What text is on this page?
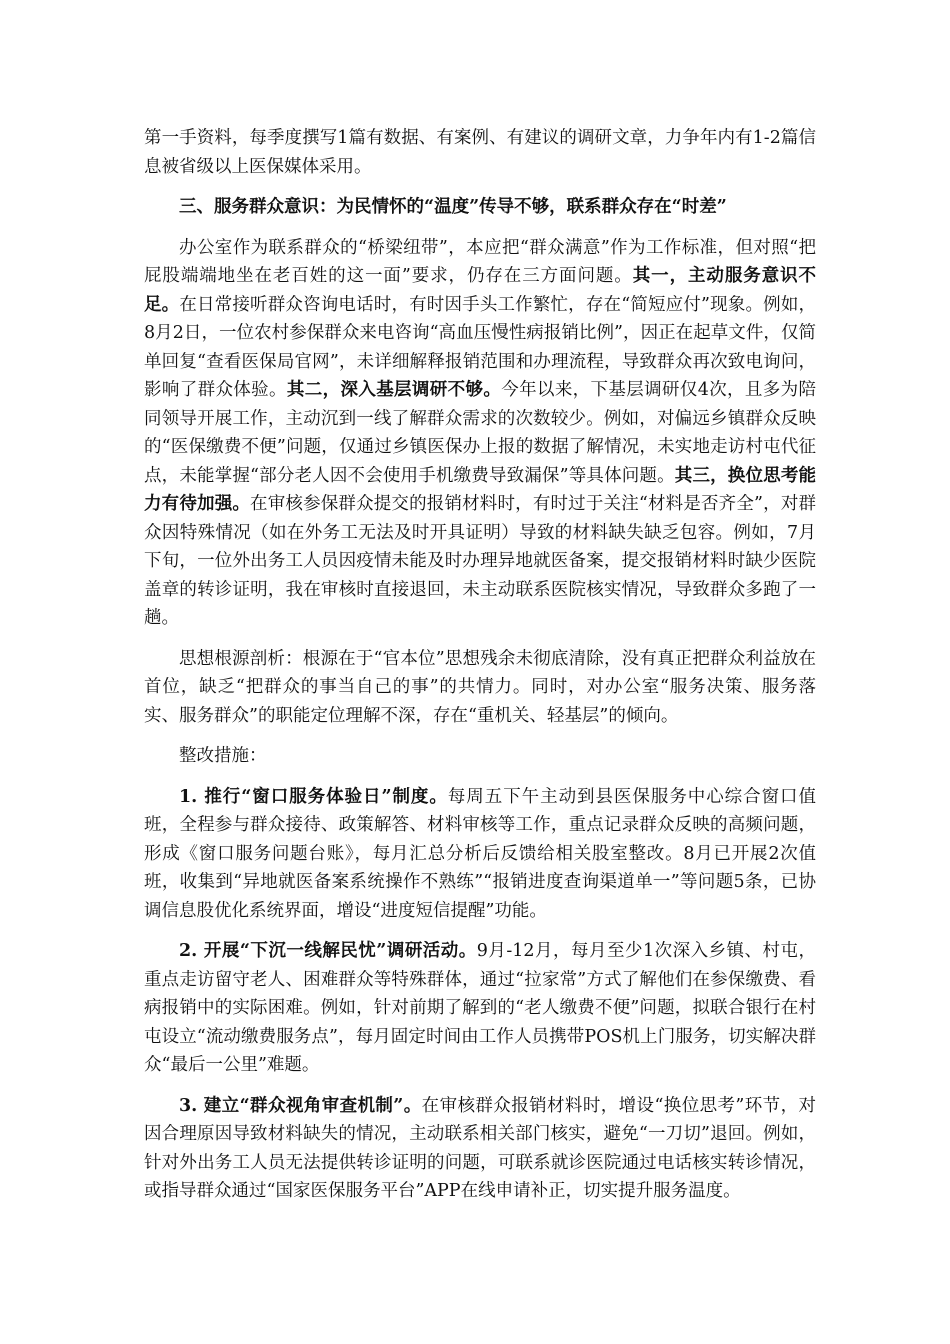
第一手资料，每季度撰写1篇有数据、有案例、有建议的调研文章，力争年内有1-2篇信息被省级以上医保媒体采用。

三、服务群众意识：为民情怀的“温度”传导不够，联系群众存在“时差”

办公室作为联系群众的“桥梁纽带”，本应把“群众满意”作为工作标准，但对照“把屁股端端地坐在老百姓的这一面”要求，仍存在三方面问题。其一，主动服务意识不足。在日常接听群众咨询电话时，有时因手头工作繁忙，存在“简短应付”现象。例如，8月2日，一位农村参保群众来电咨询“高血压慢性病报销比例”，因正在起草文件，仅简单回复“查看医保局官网”，未详细解释报销范围和办理流程，导致群众再次致电询问，影响了群众体验。其二，深入基层调研不够。今年以来，下基层调研仅4次，且多为陪同领导开展工作，主动沉到一线了解群众需求的次数较少。例如，对偏远乡镇群众反映的“医保缴费不便”问题，仅通过乡镇医保办上报的数据了解情况，未实地走访村屯代征点，未能掌握“部分老人因不会使用手机缴费导致漏保”等具体问题。其三，换位思考能力有待加强。在审核参保群众提交的报销材料时，有时过于关注“材料是否齐全”，对群众因特殊情况（如在外务工无法及时开具证明）导致的材料缺失缺乏包容。例如，7月下旬，一位外出务工人员因疫情未能及时办理异地就医备案，提交报销材料时缺少医院盖章的转诊证明，我在审核时直接退回，未主动联系医院核实情况，导致群众多跑了一趟。

思想根源剖析：根源在于“官本位”思想残余未彻底清除，没有真正把群众利益放在首位，缺乏“把群众的事当自己的事”的共情力。同时，对办公室“服务决策、服务落实、服务群众”的职能定位理解不深，存在“重机关、轻基层”的倾向。

整改措施：

1. 推行“窗口服务体验日”制度。每周五下午主动到县医保服务中心综合窗口值班，全程参与群众接待、政策解答、材料审核等工作，重点记录群众反映的高频问题，形成《窗口服务问题台账》，每月汇总分析后反馈给相关股室整改。8月已开展2次值班，收集到“异地就医备案系统操作不熟练”“报销进度查询渠道单一”等问题5条，已协调信息股优化系统界面，增设“进度短信提醒”功能。

2. 开展“下沉一线解民忧”调研活动。9月-12月，每月至少1次深入乡镇、村屯，重点走访留守老人、困难群众等特殊群体，通过“拉家常”方式了解他们在参保缴费、看病报销中的实际困难。例如，针对前期了解到的“老人缴费不便”问题，拟联合银行在村屯设立“流动缴费服务点”，每月固定时间由工作人员携带POS机上门服务，切实解决群众“最后一公里”难题。

3. 建立“群众视角审查机制”。在审核群众报销材料时，增设“换位思考”环节，对因合理原因导致材料缺失的情况，主动联系相关部门核实，避免“一刀切”退回。例如，针对外出务工人员无法提供转诊证明的问题，可联系就诊医院通过电话核实转诊情况，或指导群众通过“国家医保服务平台”APP在线申请补正，切实提升服务温度。
